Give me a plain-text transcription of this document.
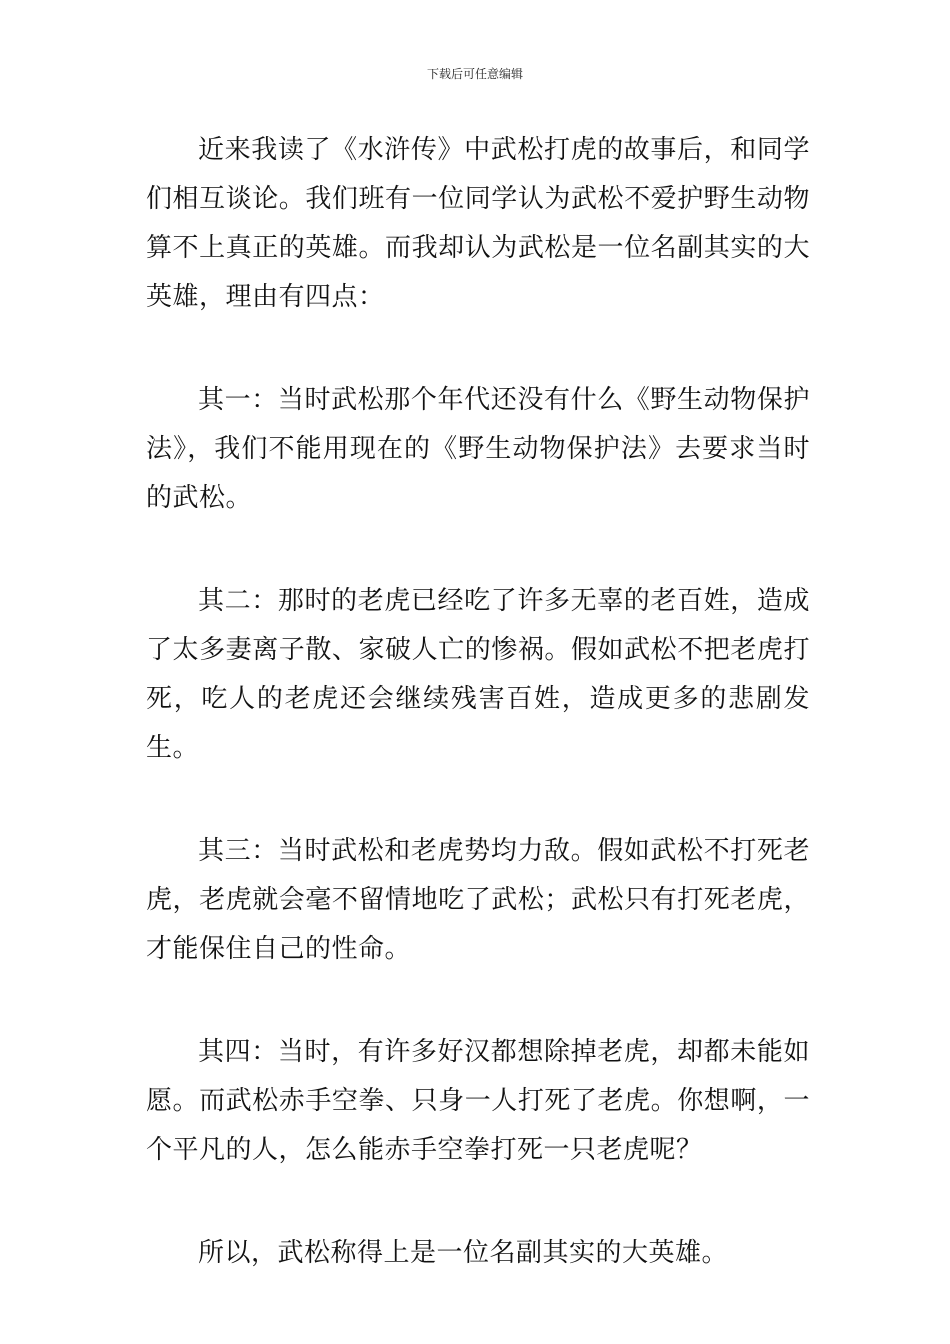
下载后可任意编辑

近来我读了《水浒传》中武松打虎的故事后，和同学们相互谈论。我们班有一位同学认为武松不爱护野生动物算不上真正的英雄。而我却认为武松是一位名副其实的大英雄，理由有四点：

其一：当时武松那个年代还没有什么《野生动物保护法》，我们不能用现在的《野生动物保护法》去要求当时的武松。

其二：那时的老虎已经吃了许多无辜的老百姓，造成了太多妻离子散、家破人亡的惨祸。假如武松不把老虎打死，吃人的老虎还会继续残害百姓，造成更多的悲剧发生。

其三：当时武松和老虎势均力敌。假如武松不打死老虎，老虎就会毫不留情地吃了武松；武松只有打死老虎，才能保住自己的性命。

其四：当时，有许多好汉都想除掉老虎，却都未能如愿。而武松赤手空拳、只身一人打死了老虎。你想啊，一个平凡的人，怎么能赤手空拳打死一只老虎呢？

所以，武松称得上是一位名副其实的大英雄。
